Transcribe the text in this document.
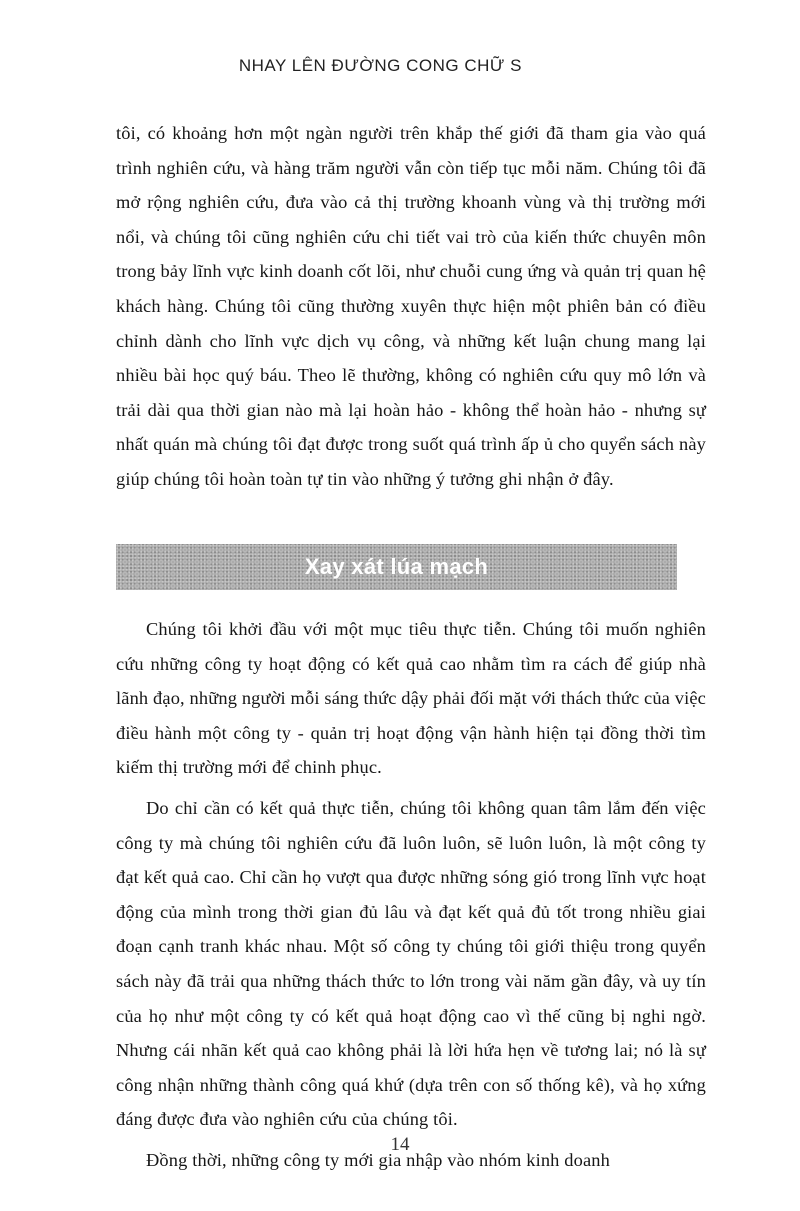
NHAY LÊN ĐƯỜNG CONG CHỮ S

tôi, có khoảng hơn một ngàn người trên khắp thế giới đã tham gia vào quá trình nghiên cứu, và hàng trăm người vẫn còn tiếp tục mỗi năm. Chúng tôi đã mở rộng nghiên cứu, đưa vào cả thị trường khoanh vùng và thị trường mới nổi, và chúng tôi cũng nghiên cứu chi tiết vai trò của kiến thức chuyên môn trong bảy lĩnh vực kinh doanh cốt lõi, như chuỗi cung ứng và quản trị quan hệ khách hàng. Chúng tôi cũng thường xuyên thực hiện một phiên bản có điều chỉnh dành cho lĩnh vực dịch vụ công, và những kết luận chung mang lại nhiều bài học quý báu. Theo lẽ thường, không có nghiên cứu quy mô lớn và trải dài qua thời gian nào mà lại hoàn hảo - không thể hoàn hảo - nhưng sự nhất quán mà chúng tôi đạt được trong suốt quá trình ấp ủ cho quyển sách này giúp chúng tôi hoàn toàn tự tin vào những ý tưởng ghi nhận ở đây.

Xay xát lúa mạch

Chúng tôi khởi đầu với một mục tiêu thực tiễn. Chúng tôi muốn nghiên cứu những công ty hoạt động có kết quả cao nhằm tìm ra cách để giúp nhà lãnh đạo, những người mỗi sáng thức dậy phải đối mặt với thách thức của việc điều hành một công ty - quản trị hoạt động vận hành hiện tại đồng thời tìm kiếm thị trường mới để chinh phục.

Do chỉ cần có kết quả thực tiễn, chúng tôi không quan tâm lắm đến việc công ty mà chúng tôi nghiên cứu đã luôn luôn, sẽ luôn luôn, là một công ty đạt kết quả cao. Chỉ cần họ vượt qua được những sóng gió trong lĩnh vực hoạt động của mình trong thời gian đủ lâu và đạt kết quả đủ tốt trong nhiều giai đoạn cạnh tranh khác nhau. Một số công ty chúng tôi giới thiệu trong quyển sách này đã trải qua những thách thức to lớn trong vài năm gần đây, và uy tín của họ như một công ty có kết quả hoạt động cao vì thế cũng bị nghi ngờ. Nhưng cái nhãn kết quả cao không phải là lời hứa hẹn về tương lai; nó là sự công nhận những thành công quá khứ (dựa trên con số thống kê), và họ xứng đáng được đưa vào nghiên cứu của chúng tôi.

Đồng thời, những công ty mới gia nhập vào nhóm kinh doanh

14
